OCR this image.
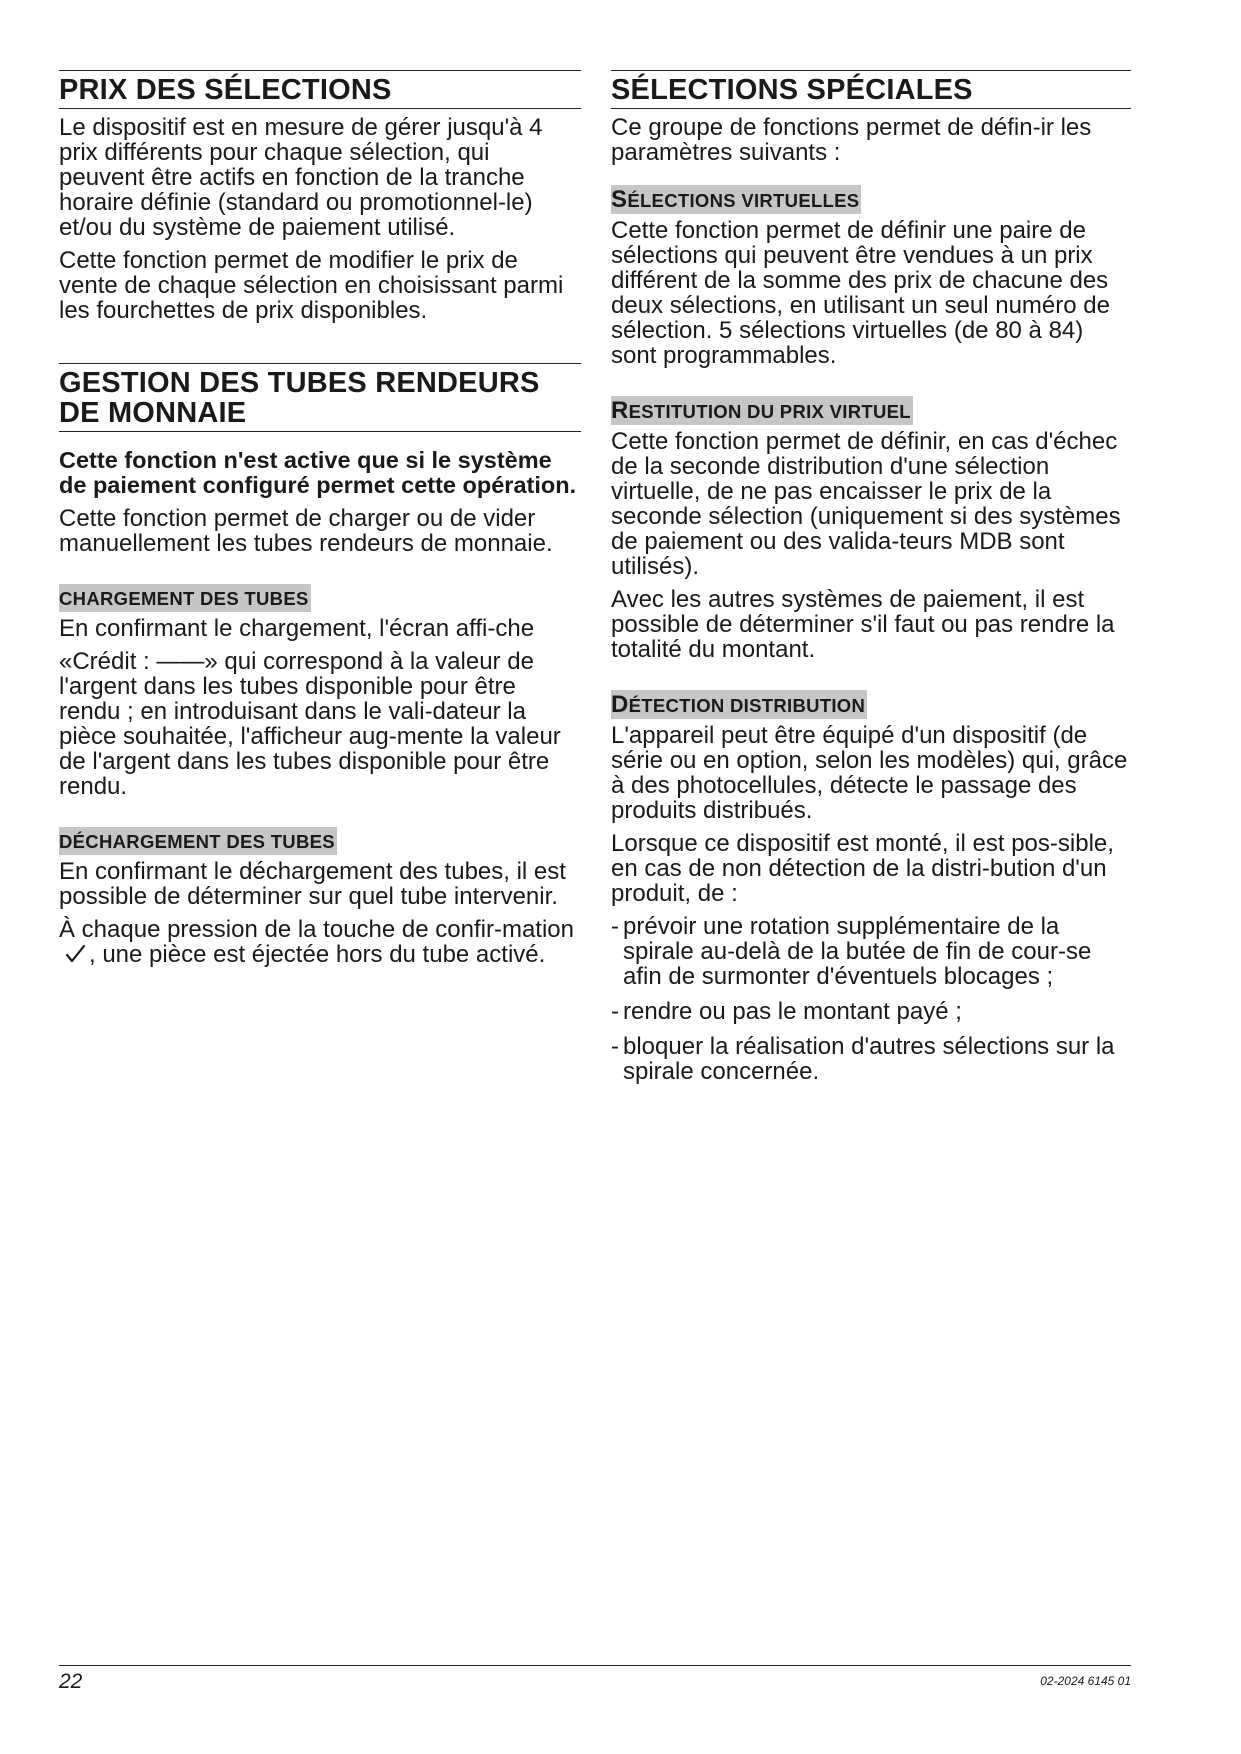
PRIX DES SÉLECTIONS

Le dispositif est en mesure de gérer jusqu'à 4 prix différents pour chaque sélection, qui peuvent être actifs en fonction de la tranche horaire définie (standard ou promotionnel-le) et/ou du système de paiement utilisé.

Cette fonction permet de modifier le prix de vente de chaque sélection en choisissant parmi les fourchettes de prix disponibles.

GESTION DES TUBES RENDEURS DE MONNAIE

Cette fonction n'est active que si le système de paiement configuré permet cette opération.

Cette fonction permet de charger ou de vider manuellement les tubes rendeurs de monnaie.

CHARGEMENT DES TUBES

En confirmant le chargement, l'écran affi-che

«Crédit : ——» qui correspond à la valeur de l'argent dans les tubes disponible pour être rendu ; en introduisant dans le vali-dateur la pièce souhaitée, l'afficheur aug-mente la valeur de l'argent dans les tubes disponible pour être rendu.

DÉCHARGEMENT DES TUBES

En confirmant le déchargement des tubes, il est possible de déterminer sur quel tube intervenir.

À chaque pression de la touche de confir-mation, une pièce est éjectée hors du tube activé.

SÉLECTIONS SPÉCIALES

Ce groupe de fonctions permet de défin-ir les paramètres suivants :

SÉLECTIONS VIRTUELLES

Cette fonction permet de définir une paire de sélections qui peuvent être vendues à un prix différent de la somme des prix de chacune des deux sélections, en utilisant un seul numéro de sélection. 5 sélections virtuelles (de 80 à 84) sont programmables.

RESTITUTION DU PRIX VIRTUEL

Cette fonction permet de définir, en cas d'échec de la seconde distribution d'une sélection virtuelle, de ne pas encaisser le prix de la seconde sélection (uniquement si des systèmes de paiement ou des valida-teurs MDB sont utilisés).

Avec les autres systèmes de paiement, il est possible de déterminer s'il faut ou pas rendre la totalité du montant.

DÉTECTION DISTRIBUTION

L'appareil peut être équipé d'un dispositif (de série ou en option, selon les modèles) qui, grâce à des photocellules, détecte le passage des produits distribués.

Lorsque ce dispositif est monté, il est pos-sible, en cas de non détection de la distri-bution d'un produit, de :

- prévoir une rotation supplémentaire de la spirale au-delà de la butée de fin de cour-se afin de surmonter d'éventuels blocages ;
- rendre ou pas le montant payé ;
- bloquer la réalisation d'autres sélections sur la spirale concernée.
22	02-2024 6145 01
